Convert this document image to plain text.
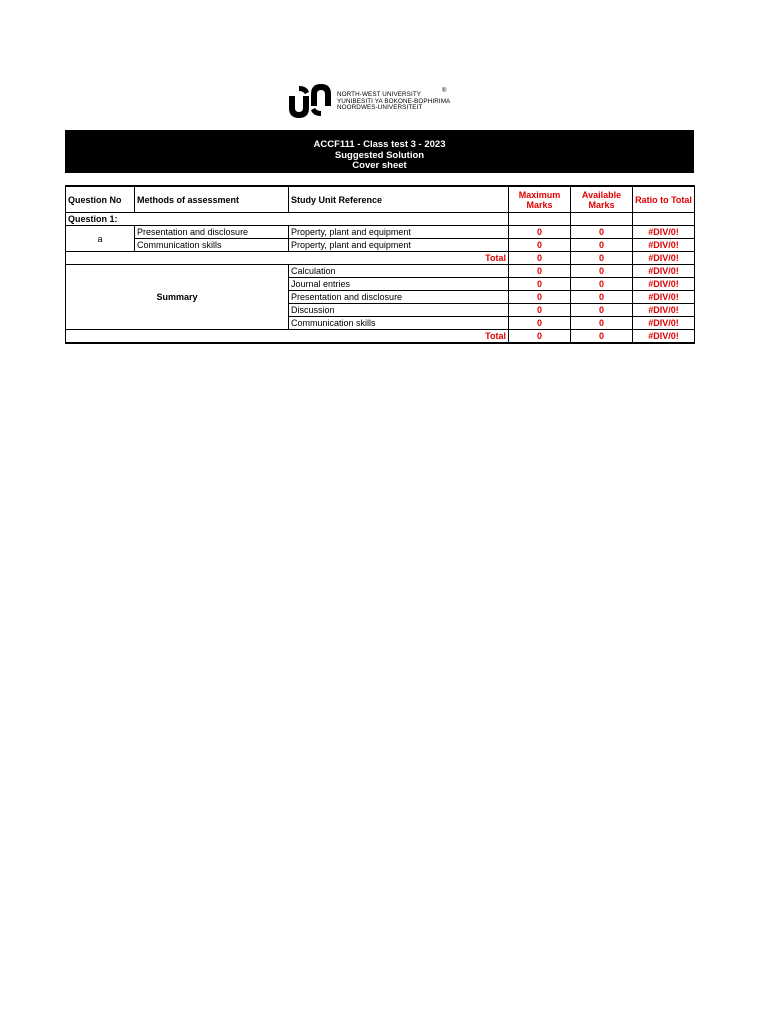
NORTH-WEST UNIVERSITY
YUNIBESITI YA BOKONE-BOPHIRIMA
NOORDWES-UNIVERSITEIT
®
ACCF111 - Class test 3 - 2023
Suggested Solution
Cover sheet
Question No	Methods of assessment	Study Unit Reference	Maximum Marks	Available Marks	Ratio to Total
Question 1:					
a	Presentation and disclosure	Property, plant and equipment	0	0	#DIV/0!
	Communication skills	Property, plant and equipment	0	0	#DIV/0!
Total			0	0	#DIV/0!
Summary		Calculation	0	0	#DIV/0!
		Journal entries	0	0	#DIV/0!
		Presentation and disclosure	0	0	#DIV/0!
		Discussion	0	0	#DIV/0!
		Communication skills	0	0	#DIV/0!
Total			0	0	#DIV/0!
